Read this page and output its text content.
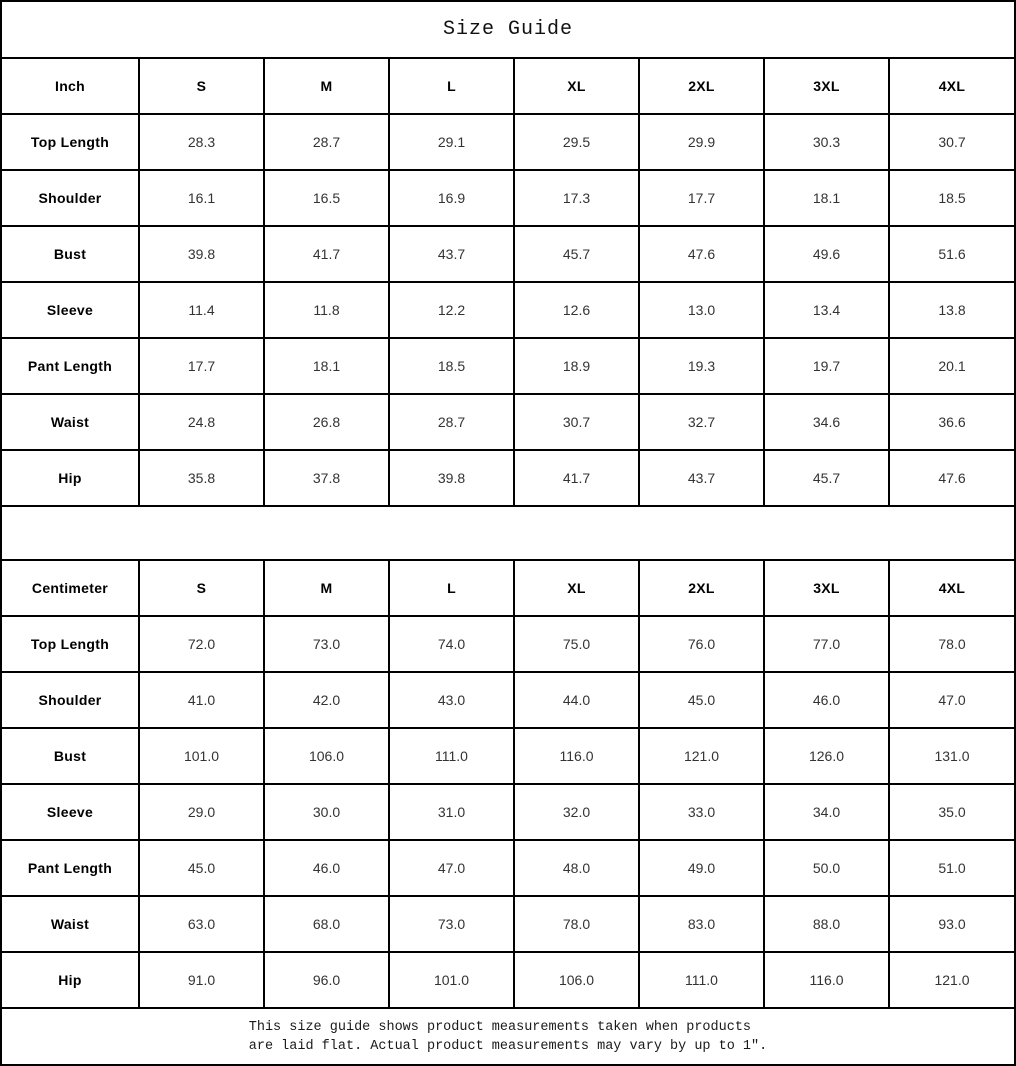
Size Guide
Inch	S	M	L	XL	2XL	3XL	4XL
Top Length	28.3	28.7	29.1	29.5	29.9	30.3	30.7
Shoulder	16.1	16.5	16.9	17.3	17.7	18.1	18.5
Bust	39.8	41.7	43.7	45.7	47.6	49.6	51.6
Sleeve	11.4	11.8	12.2	12.6	13.0	13.4	13.8
Pant Length	17.7	18.1	18.5	18.9	19.3	19.7	20.1
Waist	24.8	26.8	28.7	30.7	32.7	34.6	36.6
Hip	35.8	37.8	39.8	41.7	43.7	45.7	47.6
Centimeter	S	M	L	XL	2XL	3XL	4XL
Top Length	72.0	73.0	74.0	75.0	76.0	77.0	78.0
Shoulder	41.0	42.0	43.0	44.0	45.0	46.0	47.0
Bust	101.0	106.0	111.0	116.0	121.0	126.0	131.0
Sleeve	29.0	30.0	31.0	32.0	33.0	34.0	35.0
Pant Length	45.0	46.0	47.0	48.0	49.0	50.0	51.0
Waist	63.0	68.0	73.0	78.0	83.0	88.0	93.0
Hip	91.0	96.0	101.0	106.0	111.0	116.0	121.0
This size guide shows product measurements taken when products
are laid flat. Actual product measurements may vary by up to 1″.
